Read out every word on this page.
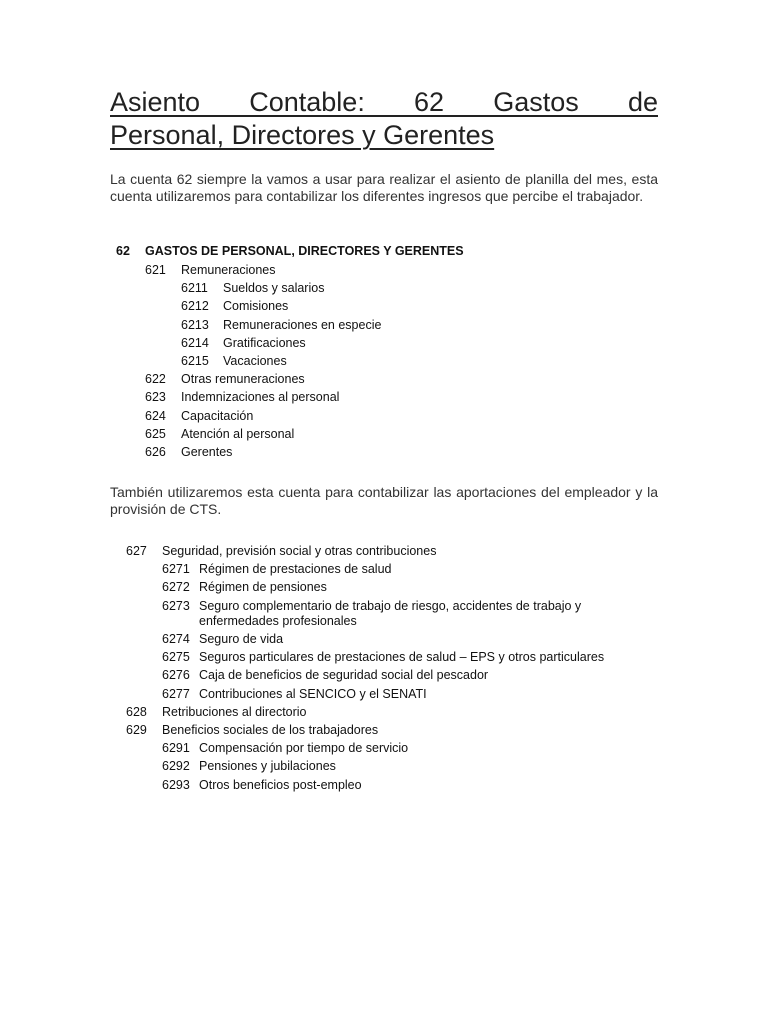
Asiento Contable: 62 Gastos de
Personal, Directores y Gerentes

La cuenta 62 siempre la vamos a usar para realizar el asiento de planilla del mes, esta cuenta utilizaremos para contabilizar los diferentes ingresos que percibe el trabajador.

62 GASTOS DE PERSONAL, DIRECTORES Y GERENTES
621 Remuneraciones
6211 Sueldos y salarios
6212 Comisiones
6213 Remuneraciones en especie
6214 Gratificaciones
6215 Vacaciones
622 Otras remuneraciones
623 Indemnizaciones al personal
624 Capacitación
625 Atención al personal
626 Gerentes

También utilizaremos esta cuenta para contabilizar las aportaciones del empleador y la provisión de CTS.

627 Seguridad, previsión social y otras contribuciones
6271 Régimen de prestaciones de salud
6272 Régimen de pensiones
6273 Seguro complementario de trabajo de riesgo, accidentes de trabajo y
enfermedades profesionales
6274 Seguro de vida
6275 Seguros particulares de prestaciones de salud – EPS y otros particulares
6276 Caja de beneficios de seguridad social del pescador
6277 Contribuciones al SENCICO y el SENATI
628 Retribuciones al directorio
629 Beneficios sociales de los trabajadores
6291 Compensación por tiempo de servicio
6292 Pensiones y jubilaciones
6293 Otros beneficios post-empleo
